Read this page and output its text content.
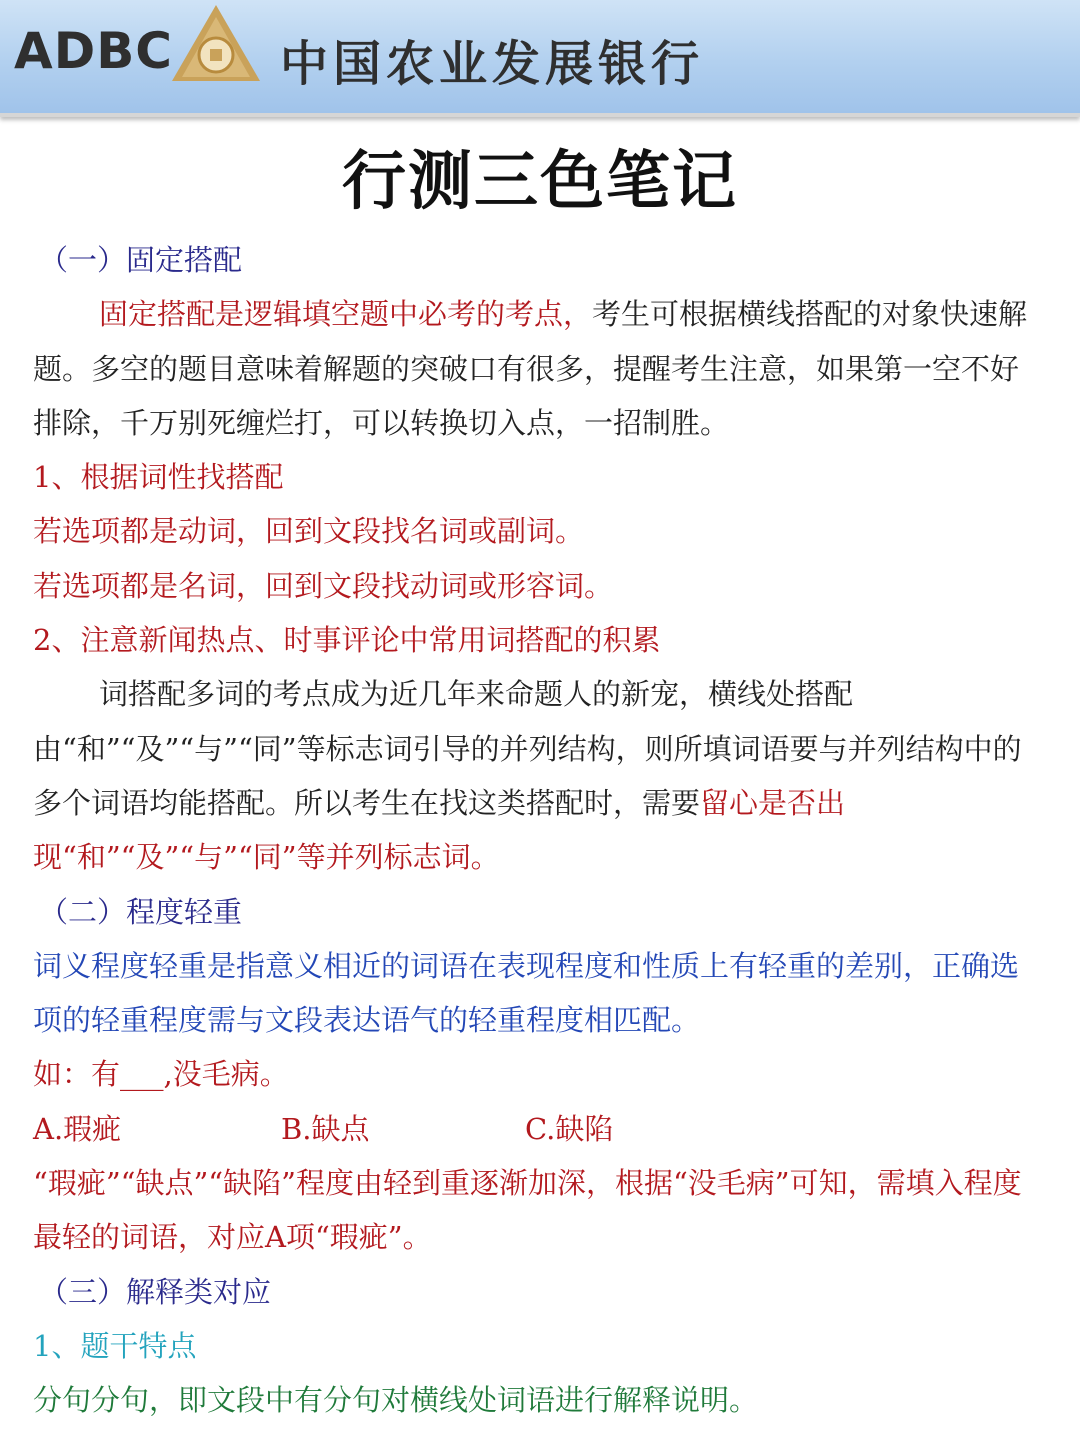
ADBC 中国农业发展银行
行测三色笔记

（一）固定搭配

固定搭配是逻辑填空题中必考的考点，考生可根据横线搭配的对象快速解题。多空的题目意味着解题的突破口有很多，提醒考生注意，如果第一空不好排除，千万别死缠烂打，可以转换切入点，一招制胜。

1、根据词性找搭配

若选项都是动词，回到文段找名词或副词。

若选项都是名词，回到文段找动词或形容词。

2、注意新闻热点、时事评论中常用词搭配的积累

词搭配多词的考点成为近几年来命题人的新宠，横线处搭配由“和”“及”“与”“同”等标志词引导的并列结构，则所填词语要与并列结构中的多个词语均能搭配。所以考生在找这类搭配时，需要留心是否出现“和”“及”“与”“同”等并列标志词。

（二）程度轻重

词义程度轻重是指意义相近的词语在表现程度和性质上有轻重的差别，正确选项的轻重程度需与文段表达语气的轻重程度相匹配。

如：有___,没毛病。

A.瑕疵	B.缺点	C.缺陷

“瑕疵”“缺点”“缺陷”程度由轻到重逐渐加深，根据“没毛病”可知，需填入程度最轻的词语，对应A项“瑕疵”。

（三）解释类对应

1、题干特点

分句分句，即文段中有分句对横线处词语进行解释说明。
